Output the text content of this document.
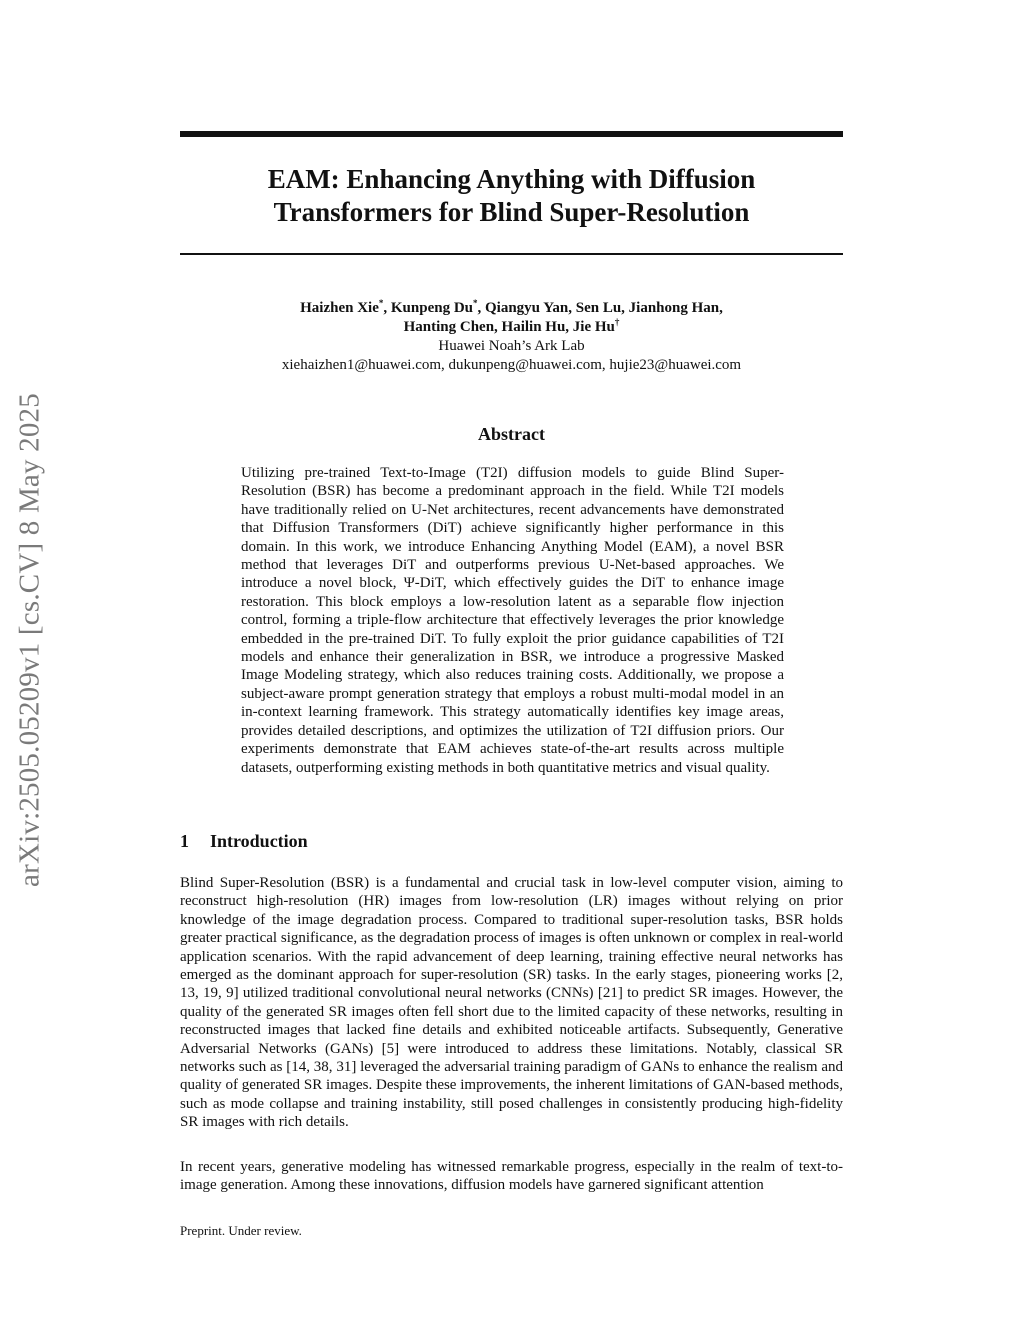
arXiv:2505.05209v1 [cs.CV] 8 May 2025
EAM: Enhancing Anything with Diffusion
Transformers for Blind Super-Resolution
Haizhen Xie*, Kunpeng Du*, Qiangyu Yan, Sen Lu, Jianhong Han,
Hanting Chen, Hailin Hu, Jie Hu†
Huawei Noah’s Ark Lab
xiehaizhen1@huawei.com, dukunpeng@huawei.com, hujie23@huawei.com
Abstract

Utilizing pre-trained Text-to-Image (T2I) diffusion models to guide Blind Super-Resolution (BSR) has become a predominant approach in the field. While T2I models have traditionally relied on U-Net architectures, recent advancements have demonstrated that Diffusion Transformers (DiT) achieve significantly higher performance in this domain. In this work, we introduce Enhancing Anything Model (EAM), a novel BSR method that leverages DiT and outperforms previous U-Net-based approaches. We introduce a novel block, Ψ-DiT, which effectively guides the DiT to enhance image restoration. This block employs a low-resolution latent as a separable flow injection control, forming a triple-flow architecture that effectively leverages the prior knowledge embedded in the pre-trained DiT. To fully exploit the prior guidance capabilities of T2I models and enhance their generalization in BSR, we introduce a progressive Masked Image Modeling strategy, which also reduces training costs. Additionally, we propose a subject-aware prompt generation strategy that employs a robust multi-modal model in an in-context learning framework. This strategy automatically identifies key image areas, provides detailed descriptions, and optimizes the utilization of T2I diffusion priors. Our experiments demonstrate that EAM achieves state-of-the-art results across multiple datasets, outperforming existing methods in both quantitative metrics and visual quality.

1 Introduction

Blind Super-Resolution (BSR) is a fundamental and crucial task in low-level computer vision, aiming to reconstruct high-resolution (HR) images from low-resolution (LR) images without relying on prior knowledge of the image degradation process. Compared to traditional super-resolution tasks, BSR holds greater practical significance, as the degradation process of images is often unknown or complex in real-world application scenarios. With the rapid advancement of deep learning, training effective neural networks has emerged as the dominant approach for super-resolution (SR) tasks. In the early stages, pioneering works [2, 13, 19, 9] utilized traditional convolutional neural networks (CNNs) [21] to predict SR images. However, the quality of the generated SR images often fell short due to the limited capacity of these networks, resulting in reconstructed images that lacked fine details and exhibited noticeable artifacts. Subsequently, Generative Adversarial Networks (GANs) [5] were introduced to address these limitations. Notably, classical SR networks such as [14, 38, 31] leveraged the adversarial training paradigm of GANs to enhance the realism and quality of generated SR images. Despite these improvements, the inherent limitations of GAN-based methods, such as mode collapse and training instability, still posed challenges in consistently producing high-fidelity SR images with rich details.

In recent years, generative modeling has witnessed remarkable progress, especially in the realm of text-to-image generation. Among these innovations, diffusion models have garnered significant attention

Preprint. Under review.
